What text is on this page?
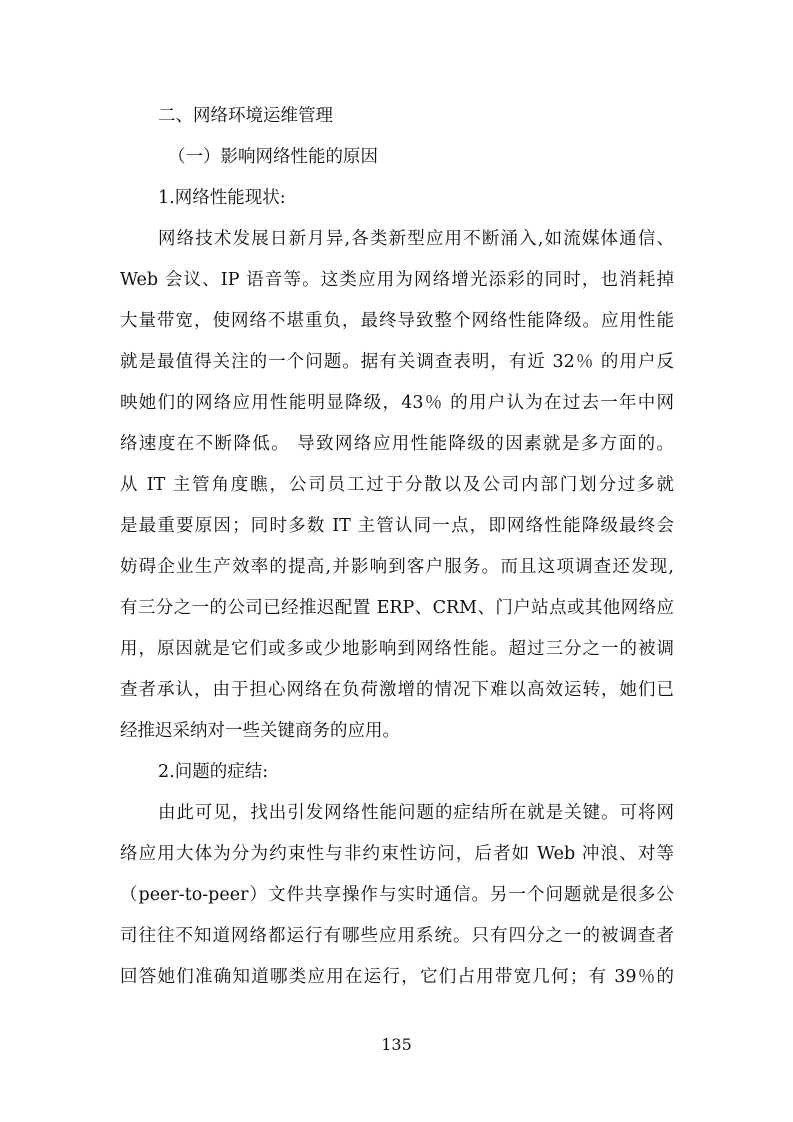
二、网络环境运维管理
（一）影响网络性能的原因
1.网络性能现状:
网络技术发展日新月异,各类新型应用不断涌入,如流媒体通信、
Web 会议、IP 语音等。这类应用为网络增光添彩的同时，也消耗掉
大量带宽，使网络不堪重负，最终导致整个网络性能降级。应用性能
就是最值得关注的一个问题。据有关调查表明，有近 32％ 的用户反
映她们的网络应用性能明显降级，43％ 的用户认为在过去一年中网
络速度在不断降低。 导致网络应用性能降级的因素就是多方面的。
从 IT 主管角度瞧，公司员工过于分散以及公司内部门划分过多就
是最重要原因；同时多数 IT 主管认同一点，即网络性能降级最终会
妨碍企业生产效率的提高,并影响到客户服务。而且这项调查还发现,
有三分之一的公司已经推迟配置 ERP、CRM、门户站点或其他网络应
用，原因就是它们或多或少地影响到网络性能。超过三分之一的被调
查者承认，由于担心网络在负荷激增的情况下难以高效运转，她们已
经推迟采纳对一些关键商务的应用。
2.问题的症结:
由此可见，找出引发网络性能问题的症结所在就是关键。可将网
络应用大体为分为约束性与非约束性访问，后者如 Web 冲浪、对等
（peer-to-peer）文件共享操作与实时通信。另一个问题就是很多公
司往往不知道网络都运行有哪些应用系统。只有四分之一的被调查者
回答她们准确知道哪类应用在运行，它们占用带宽几何；有 39％的
135
